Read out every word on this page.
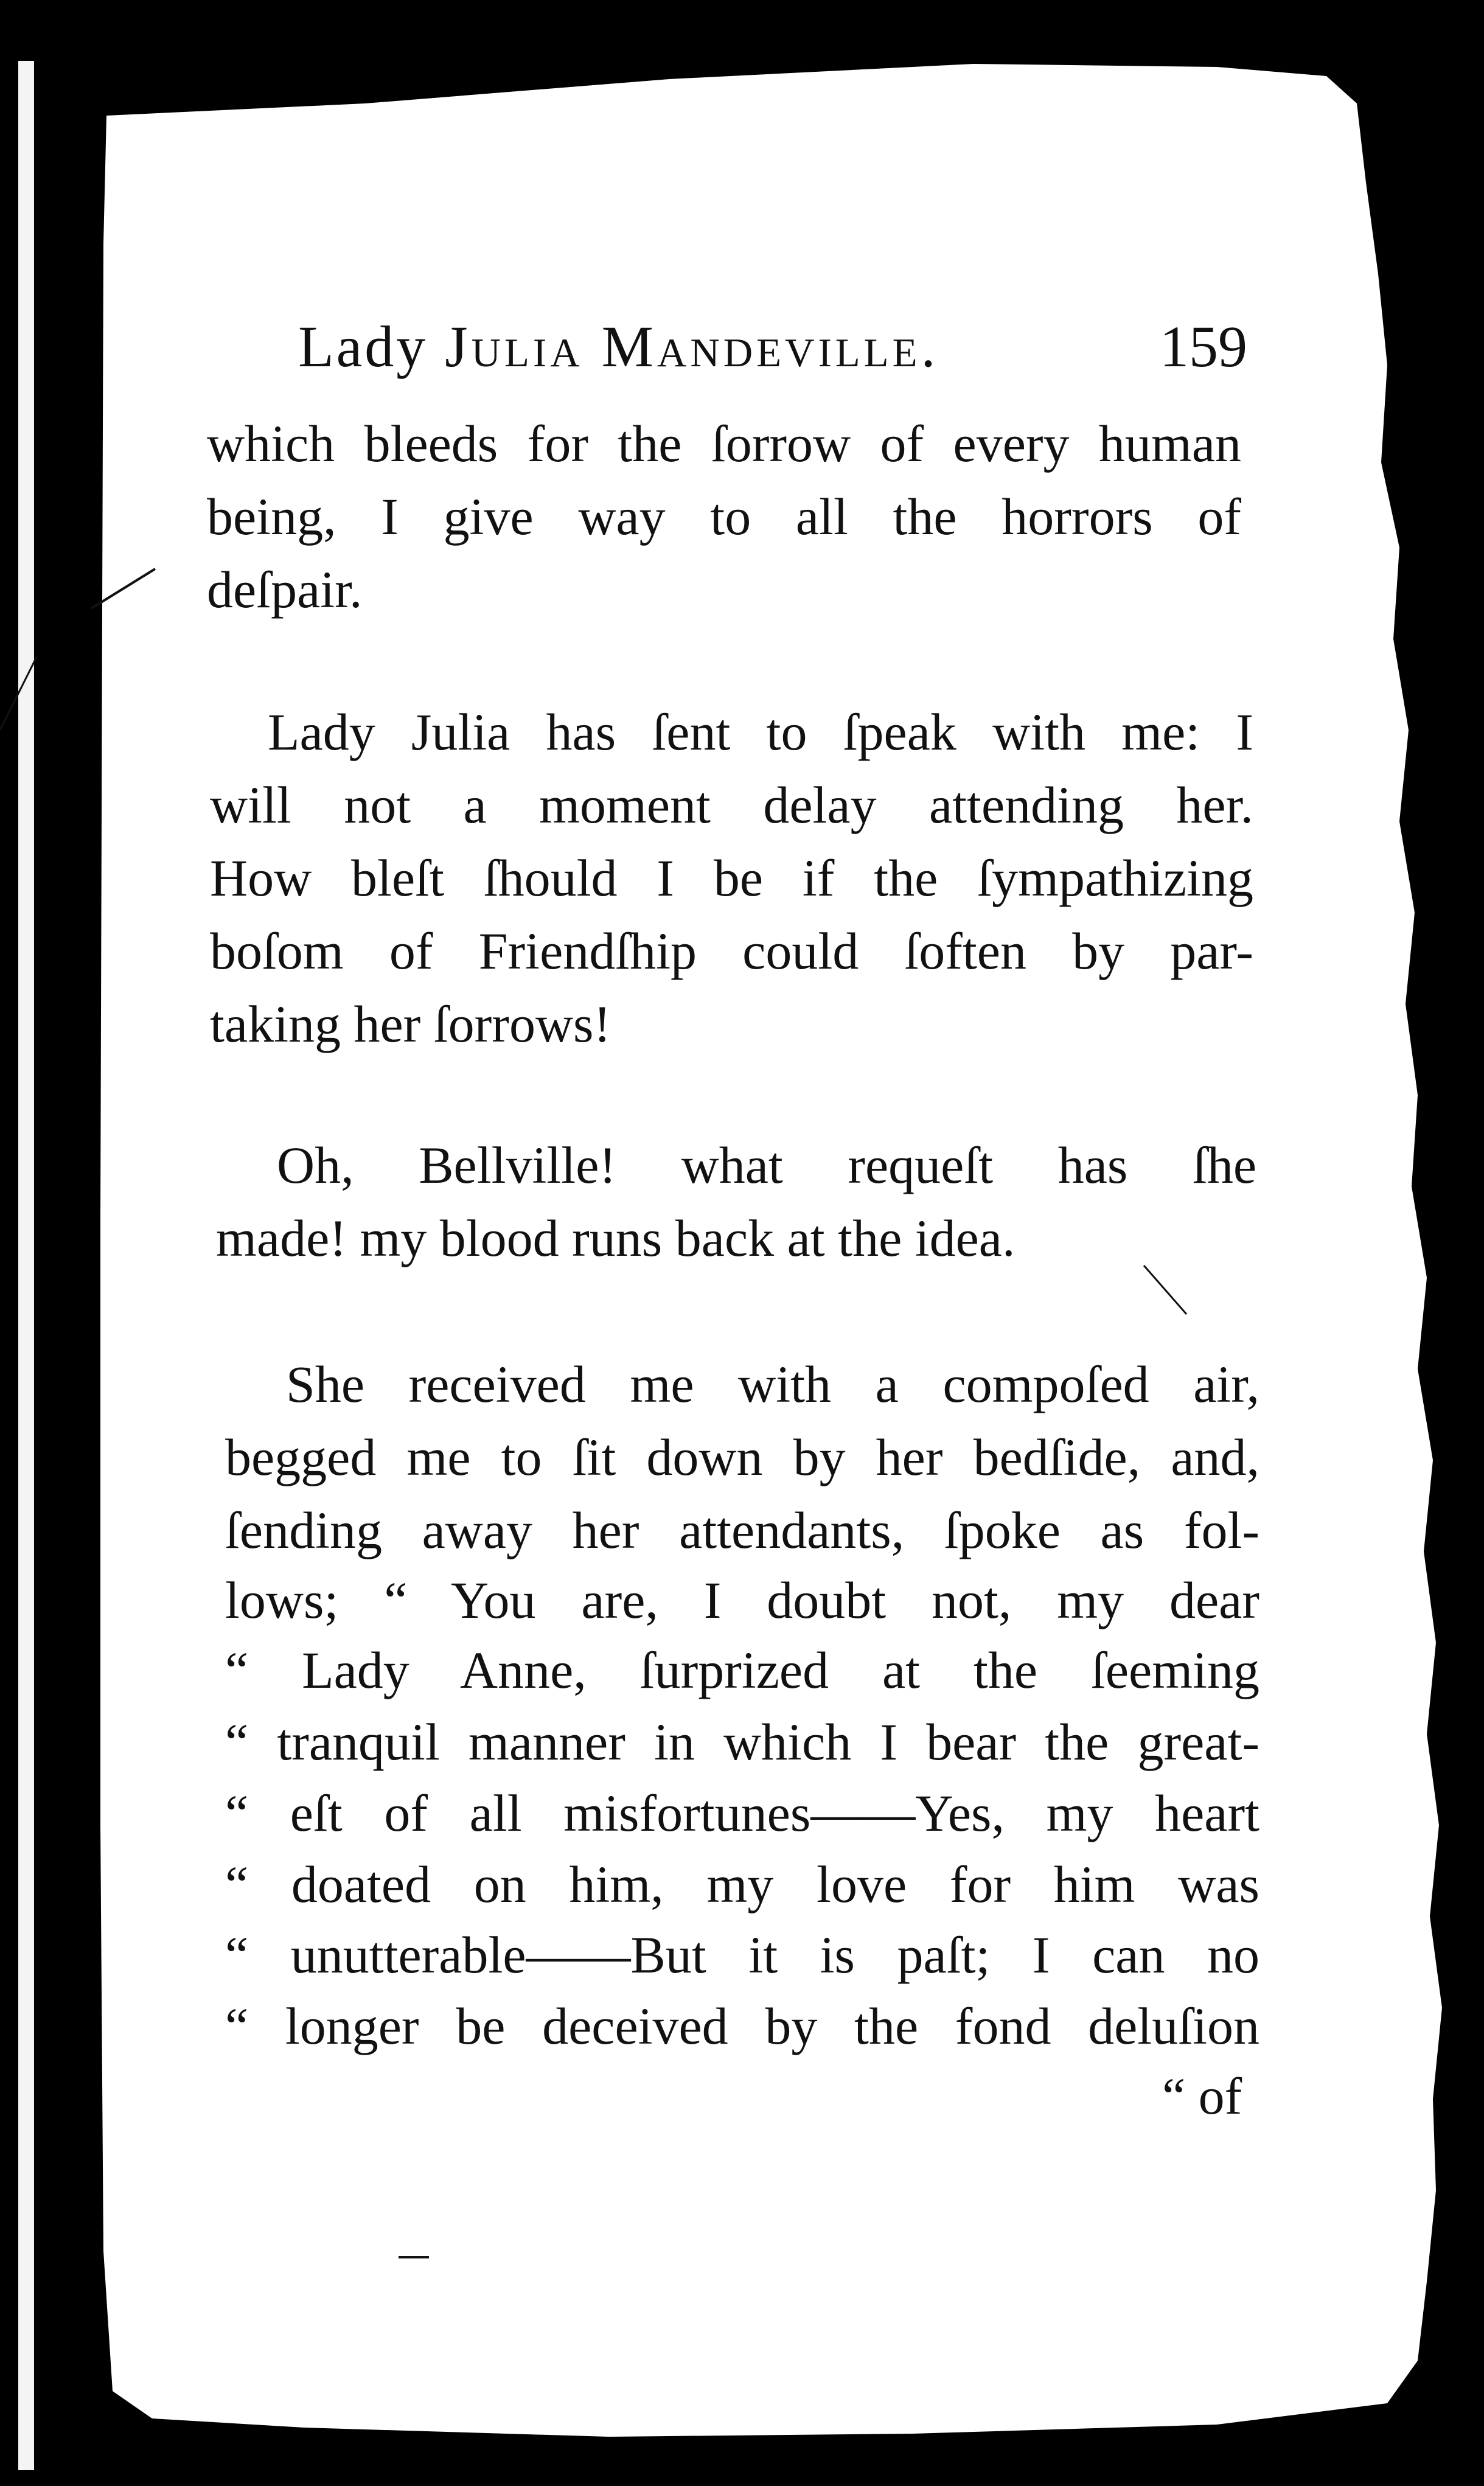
Lady Julia Mandeville.	159
which bleeds for the ſorrow of every human
being, I give way to all the horrors of
deſpair.
Lady Julia has ſent to ſpeak with me: I
will not a moment delay attending her.
How bleſt ſhould I be if the ſympathizing
boſom of Friendſhip could ſoften by par-
taking her ſorrows!
Oh, Bellville! what requeſt has ſhe
made! my blood runs back at the idea.
She received me with a compoſed air,
begged me to ſit down by her bedſide, and,
ſending away her attendants, ſpoke as fol-
lows; “ You are, I doubt not, my dear
“ Lady Anne, ſurprized at the ſeeming
“ tranquil manner in which I bear the great-
“ eſt of all misfortunes——Yes, my heart
“ doated on him, my love for him was
“ unutterable——But it is paſt; I can no
“ longer be deceived by the fond deluſion
“ of
